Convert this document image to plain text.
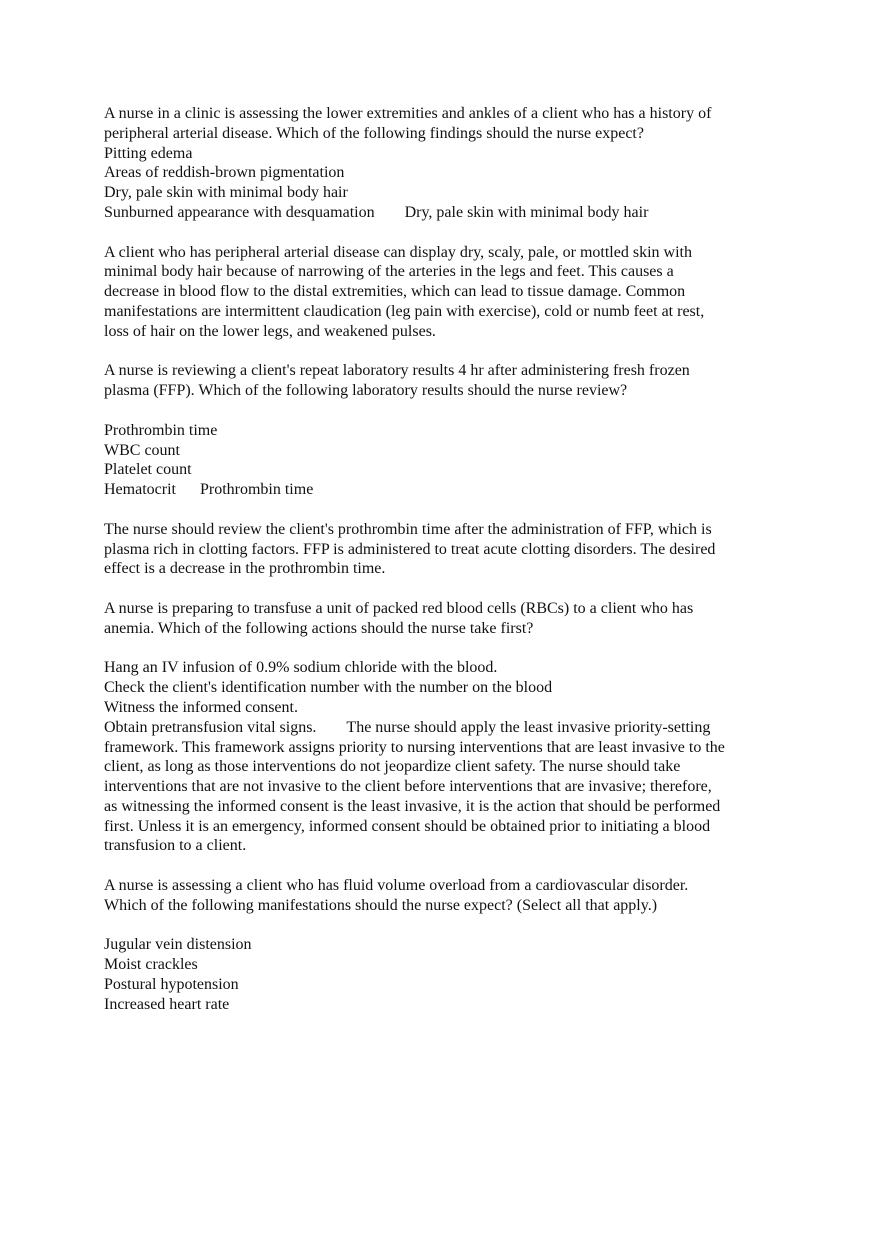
A nurse in a clinic is assessing the lower extremities and ankles of a client who has a history of
peripheral arterial disease. Which of the following findings should the nurse expect?
Pitting edema
Areas of reddish-brown pigmentation
Dry, pale skin with minimal body hair
Sunburned appearance with desquamation Dry, pale skin with minimal body hair
A client who has peripheral arterial disease can display dry, scaly, pale, or mottled skin with
minimal body hair because of narrowing of the arteries in the legs and feet. This causes a
decrease in blood flow to the distal extremities, which can lead to tissue damage. Common
manifestations are intermittent claudication (leg pain with exercise), cold or numb feet at rest,
loss of hair on the lower legs, and weakened pulses.
A nurse is reviewing a client's repeat laboratory results 4 hr after administering fresh frozen
plasma (FFP). Which of the following laboratory results should the nurse review?
Prothrombin time
WBC count
Platelet count
Hematocrit Prothrombin time
The nurse should review the client's prothrombin time after the administration of FFP, which is
plasma rich in clotting factors. FFP is administered to treat acute clotting disorders. The desired
effect is a decrease in the prothrombin time.
A nurse is preparing to transfuse a unit of packed red blood cells (RBCs) to a client who has
anemia. Which of the following actions should the nurse take first?
Hang an IV infusion of 0.9% sodium chloride with the blood.
Check the client's identification number with the number on the blood
Witness the informed consent.
Obtain pretransfusion vital signs. The nurse should apply the least invasive priority-setting
framework. This framework assigns priority to nursing interventions that are least invasive to the
client, as long as those interventions do not jeopardize client safety. The nurse should take
interventions that are not invasive to the client before interventions that are invasive; therefore,
as witnessing the informed consent is the least invasive, it is the action that should be performed
first. Unless it is an emergency, informed consent should be obtained prior to initiating a blood
transfusion to a client.
A nurse is assessing a client who has fluid volume overload from a cardiovascular disorder.
Which of the following manifestations should the nurse expect? (Select all that apply.)
Jugular vein distension
Moist crackles
Postural hypotension
Increased heart rate
